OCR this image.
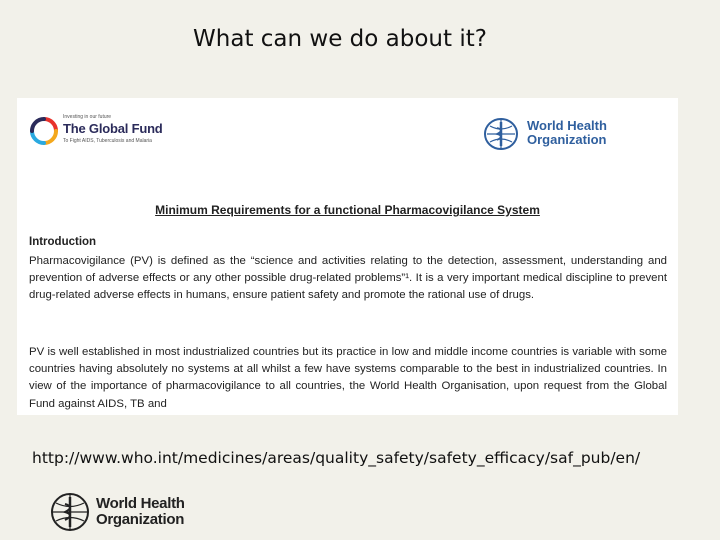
What can we do about it?
Investing in our future
The Global Fund
To Fight AIDS, Tuberculosis and Malaria
World Health
Organization
Minimum Requirements for a functional Pharmacovigilance System
Introduction

Pharmacovigilance (PV) is defined as the “science and activities relating to the detection, assessment, understanding and prevention of adverse effects or any other possible drug-related problems”¹. It is a very important medical discipline to prevent drug-related adverse effects in humans, ensure patient safety and promote the rational use of drugs.

PV is well established in most industrialized countries but its practice in low and middle income countries is variable with some countries having absolutely no systems at all whilst a few have systems comparable to the best in industrialized countries. In view of the importance of pharmacovigilance to all countries, the World Health Organisation, upon request from the Global Fund against AIDS, TB and

http://www.who.int/medicines/areas/quality_safety/safety_efficacy/saf_pub/en/
World Health
Organization
